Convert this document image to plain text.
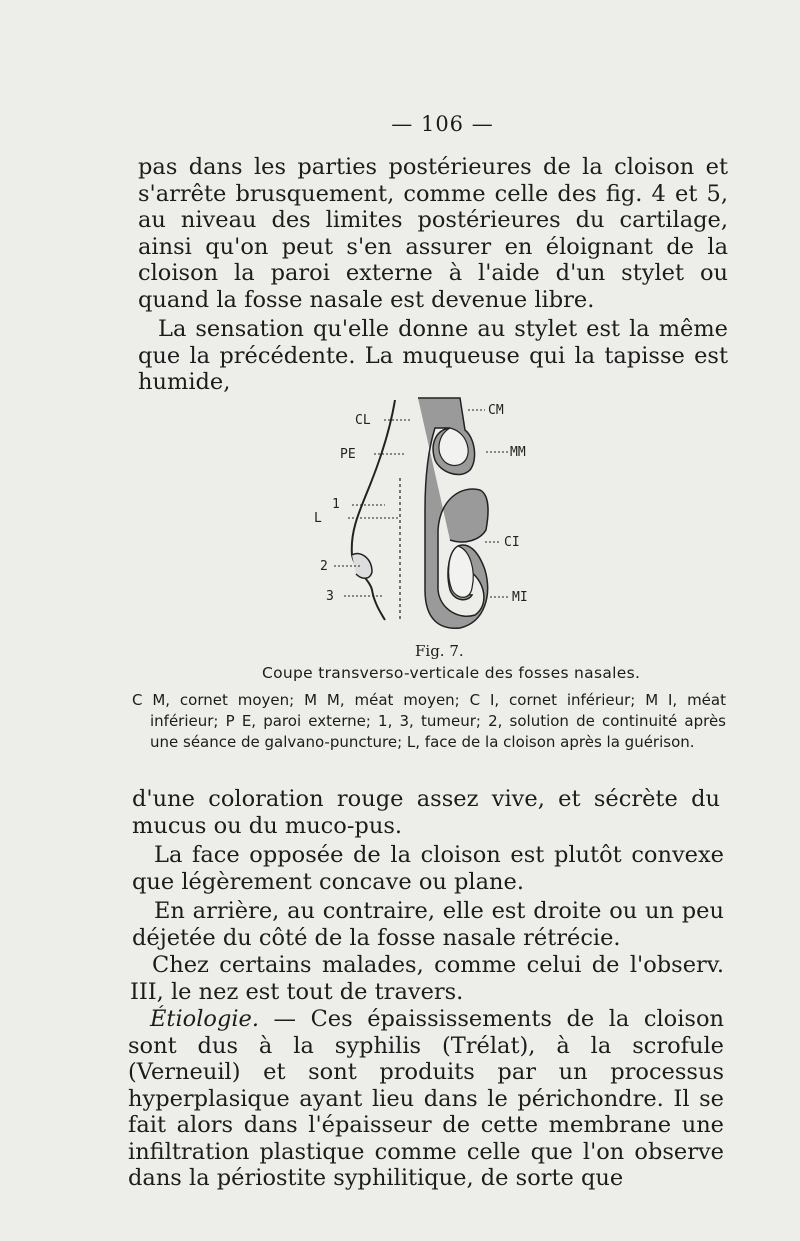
— 106 —

pas dans les parties postérieures de la cloison et s'arrête brusquement, comme celle des fig. 4 et 5, au niveau des limites postérieures du cartilage, ainsi qu'on peut s'en assurer en éloignant de la cloison la paroi externe à l'aide d'un stylet ou quand la fosse nasale est devenue libre.

La sensation qu'elle donne au stylet est la même que la précédente. La muqueuse qui la tapisse est humide,

CL
PE
1
L
2
3
CM
MM
CI
MI
Fig. 7.
Coupe transverso-verticale des fosses nasales.
C M, cornet moyen; M M, méat moyen; C I, cornet inférieur; M I, méat inférieur; P E, paroi externe; 1, 3, tumeur; 2, solution de continuité après une séance de galvano-puncture; L, face de la cloison après la guérison.

d'une coloration rouge assez vive, et sécrète du mucus ou du muco-pus.

La face opposée de la cloison est plutôt convexe que légèrement concave ou plane.

En arrière, au contraire, elle est droite ou un peu déjetée du côté de la fosse nasale rétrécie.

Chez certains malades, comme celui de l'observ. III, le nez est tout de travers.

Étiologie. — Ces épaississements de la cloison sont dus à la syphilis (Trélat), à la scrofule (Verneuil) et sont produits par un processus hyperplasique ayant lieu dans le périchondre. Il se fait alors dans l'épaisseur de cette membrane une infiltration plastique comme celle que l'on observe dans la périostite syphilitique, de sorte que
